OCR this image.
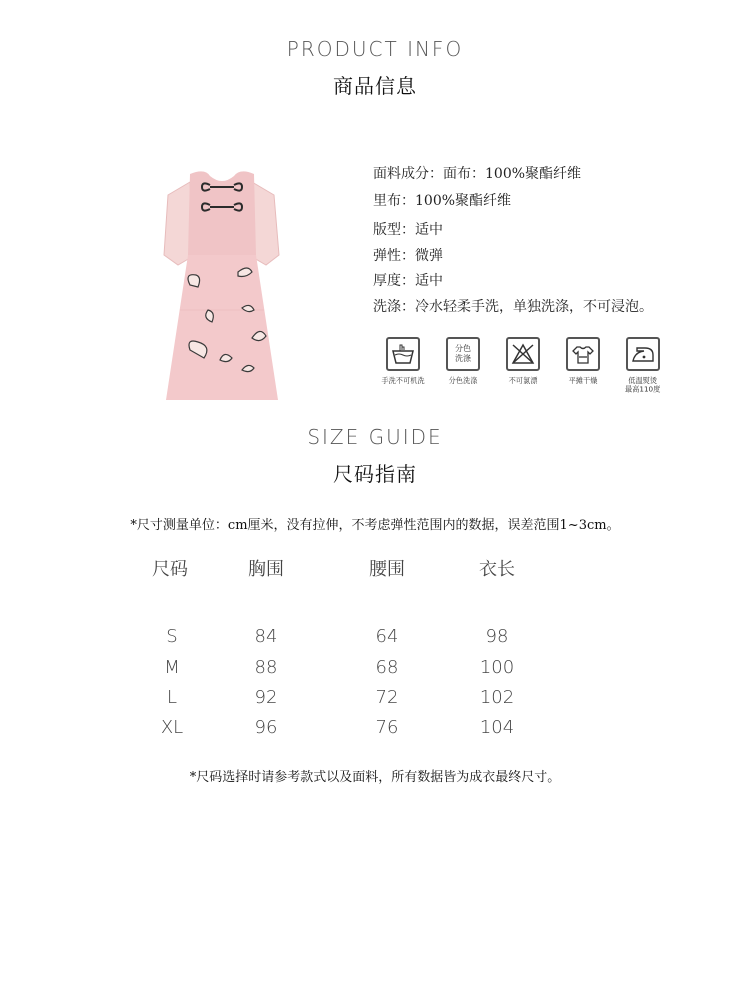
PRODUCT INFO
商品信息
面料成分：面布：100%聚酯纤维
里布：100%聚酯纤维
版型：适中
弹性：微弹
厚度：适中
洗涤：冷水轻柔手洗，单独洗涤，不可浸泡。
手洗不可机洗
分色
洗涤
分色洗涤	不可氯漂	平摊干燥	低温熨烫
最高110度
SIZE GUIDE
尺码指南
*尺寸测量单位：cm厘米，没有拉伸，不考虑弹性范围内的数据，误差范围1~3cm。
尺码	胸围	腰围	衣长
S	84	64	98
M	88	68	100
L	92	72	102
XL	96	76	104
*尺码选择时请参考款式以及面料，所有数据皆为成衣最终尺寸。
